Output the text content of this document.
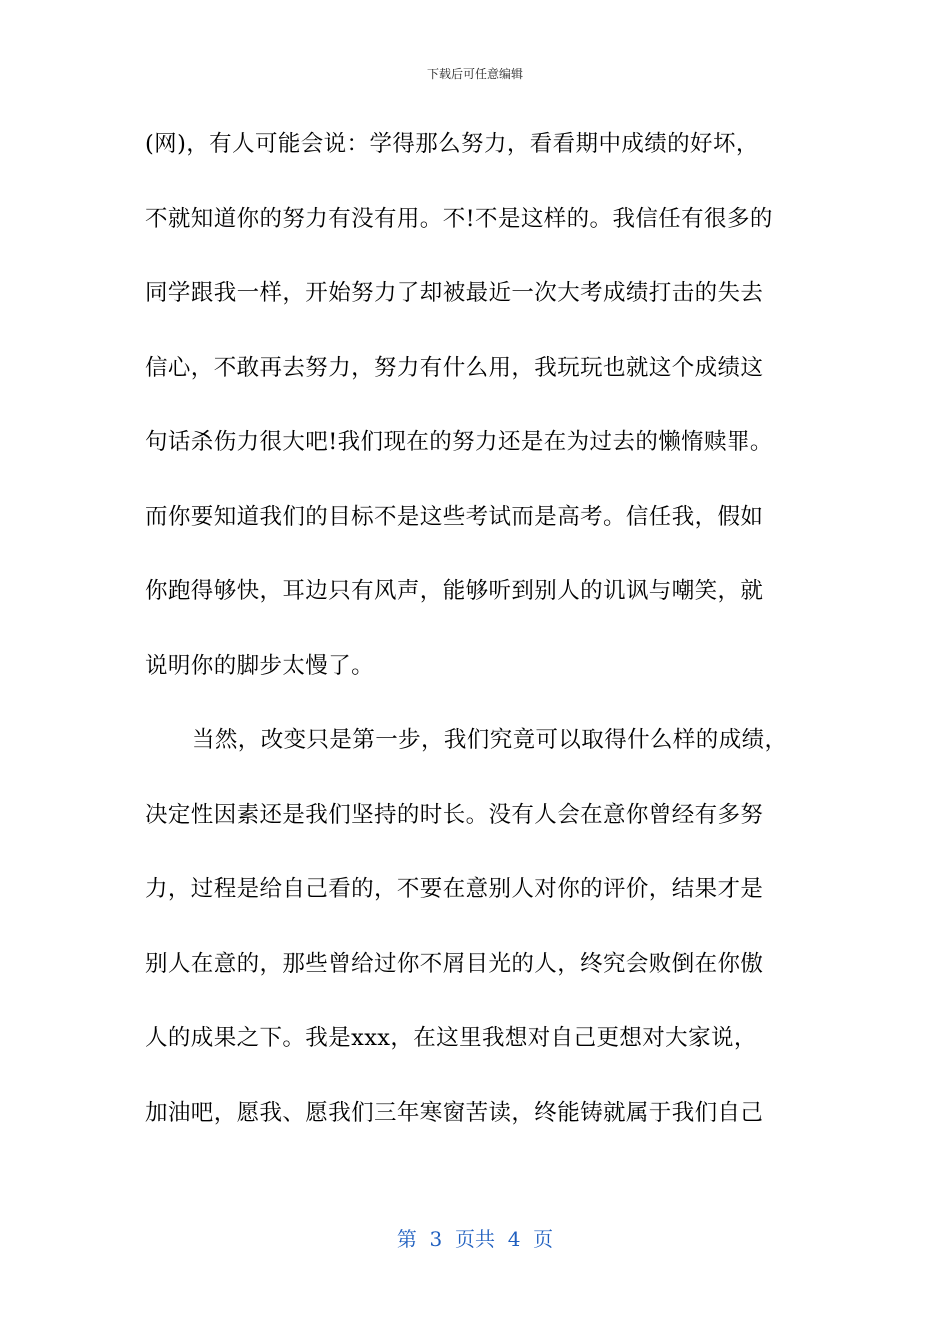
下载后可任意编辑
(网)，有人可能会说：学得那么努力，看看期中成绩的好坏，
不就知道你的努力有没有用。不!不是这样的。我信任有很多的
同学跟我一样，开始努力了却被最近一次大考成绩打击的失去
信心，不敢再去努力，努力有什么用，我玩玩也就这个成绩这
句话杀伤力很大吧!我们现在的努力还是在为过去的懒惰赎罪。
而你要知道我们的目标不是这些考试而是高考。信任我，假如
你跑得够快，耳边只有风声，能够听到别人的讥讽与嘲笑，就
说明你的脚步太慢了。
当然，改变只是第一步，我们究竟可以取得什么样的成绩，
决定性因素还是我们坚持的时长。没有人会在意你曾经有多努
力，过程是给自己看的，不要在意别人对你的评价，结果才是
别人在意的，那些曾给过你不屑目光的人，终究会败倒在你傲
人的成果之下。我是xxx，在这里我想对自己更想对大家说，
加油吧，愿我、愿我们三年寒窗苦读，终能铸就属于我们自己
第  3  页共  4  页
